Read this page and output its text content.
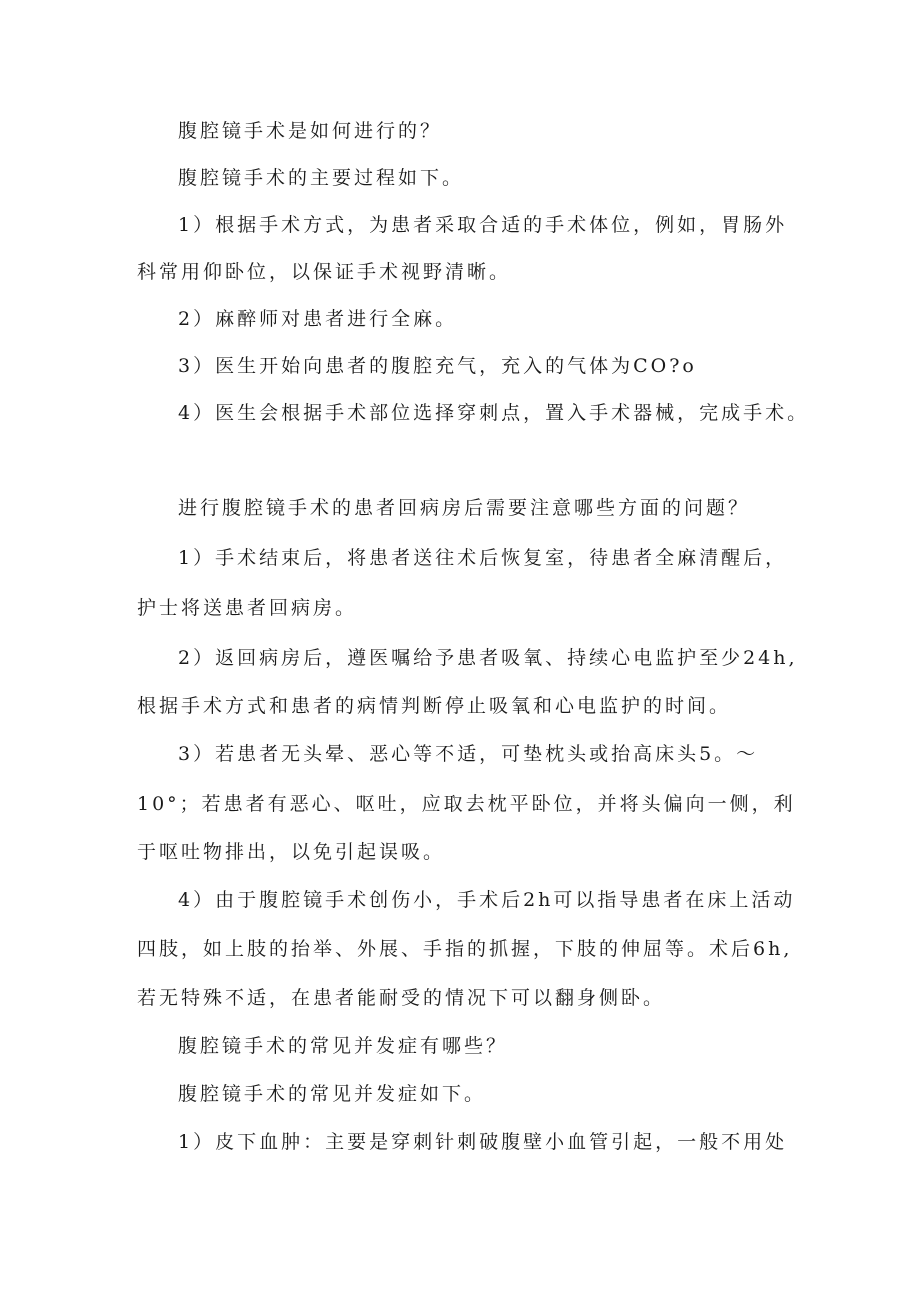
腹腔镜手术是如何进行的？
腹腔镜手术的主要过程如下。
1）根据手术方式，为患者采取合适的手术体位，例如，胃肠外
科常用仰卧位，以保证手术视野清晰。
2）麻醉师对患者进行全麻。
3）医生开始向患者的腹腔充气，充入的气体为CO?o
4）医生会根据手术部位选择穿刺点，置入手术器械，完成手术。
进行腹腔镜手术的患者回病房后需要注意哪些方面的问题？
1）手术结束后，将患者送往术后恢复室，待患者全麻清醒后，
护士将送患者回病房。
2）返回病房后，遵医嘱给予患者吸氧、持续心电监护至少24h,
根据手术方式和患者的病情判断停止吸氧和心电监护的时间。
3）若患者无头晕、恶心等不适，可垫枕头或抬高床头5。～
10°；若患者有恶心、呕吐，应取去枕平卧位，并将头偏向一侧，利
于呕吐物排出，以免引起误吸。
4）由于腹腔镜手术创伤小，手术后2h可以指导患者在床上活动
四肢，如上肢的抬举、外展、手指的抓握，下肢的伸屈等。术后6h,
若无特殊不适，在患者能耐受的情况下可以翻身侧卧。
腹腔镜手术的常见并发症有哪些？
腹腔镜手术的常见并发症如下。
1）皮下血肿：主要是穿刺针刺破腹壁小血管引起，一般不用处
